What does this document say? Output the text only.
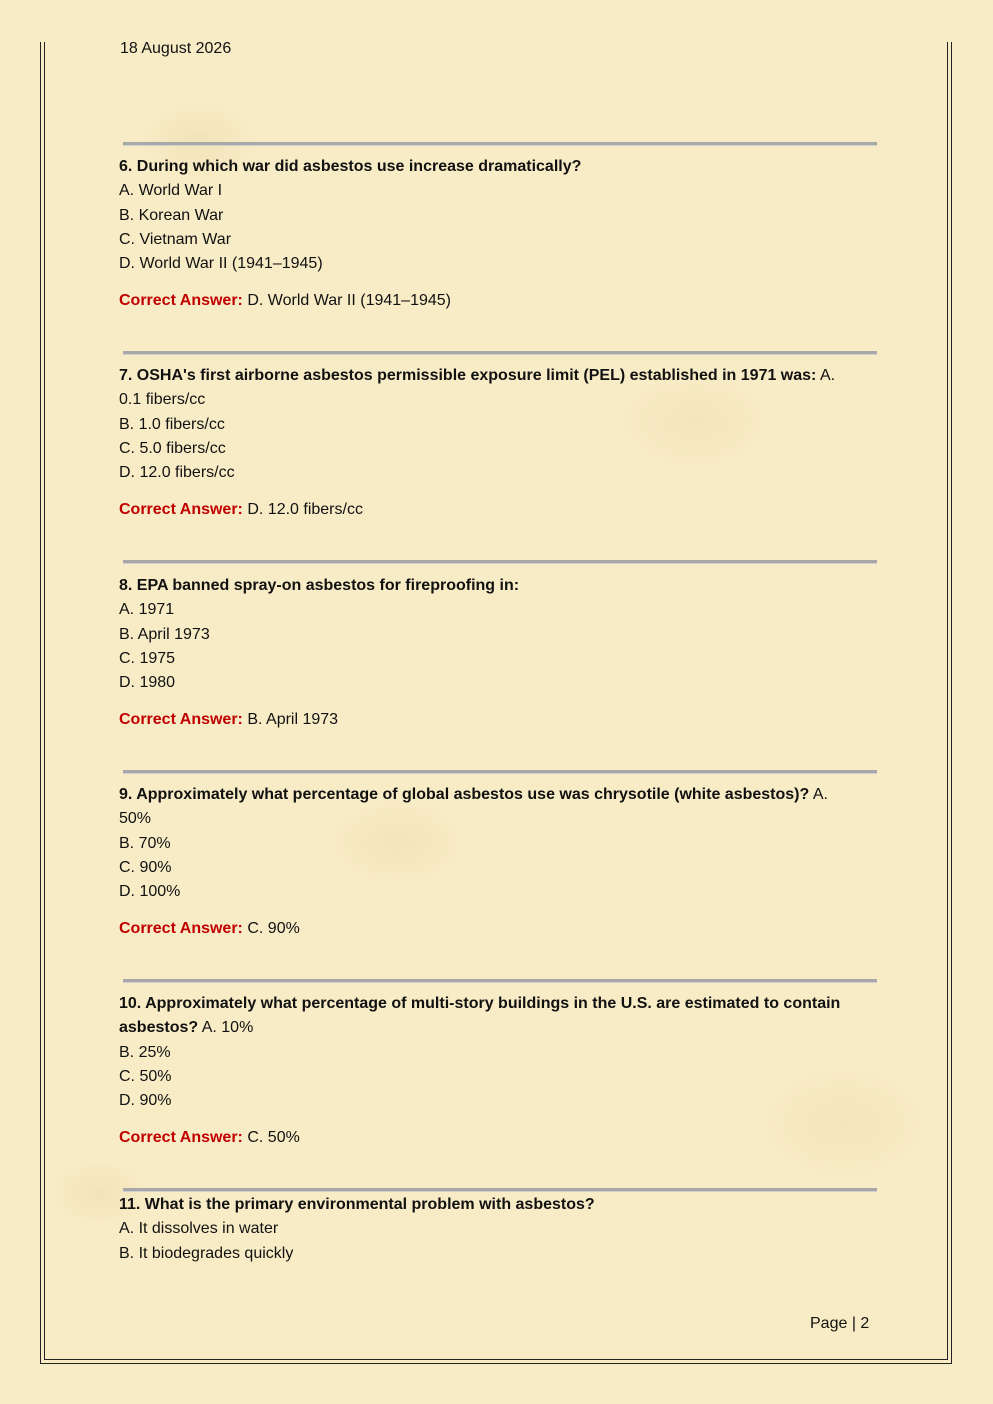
18 August 2026
6. During which war did asbestos use increase dramatically?
A. World War I
B. Korean War
C. Vietnam War
D. World War II (1941–1945)
Correct Answer: D. World War II (1941–1945)
7. OSHA's first airborne asbestos permissible exposure limit (PEL) established in 1971 was: A. 0.1 fibers/cc
B. 1.0 fibers/cc
C. 5.0 fibers/cc
D. 12.0 fibers/cc
Correct Answer: D. 12.0 fibers/cc
8. EPA banned spray-on asbestos for fireproofing in:
A. 1971
B. April 1973
C. 1975
D. 1980
Correct Answer: B. April 1973
9. Approximately what percentage of global asbestos use was chrysotile (white asbestos)? A. 50%
B. 70%
C. 90%
D. 100%
Correct Answer: C. 90%
10. Approximately what percentage of multi-story buildings in the U.S. are estimated to contain asbestos? A. 10%
B. 25%
C. 50%
D. 90%
Correct Answer: C. 50%
11. What is the primary environmental problem with asbestos?
A. It dissolves in water
B. It biodegrades quickly
Page | 2
